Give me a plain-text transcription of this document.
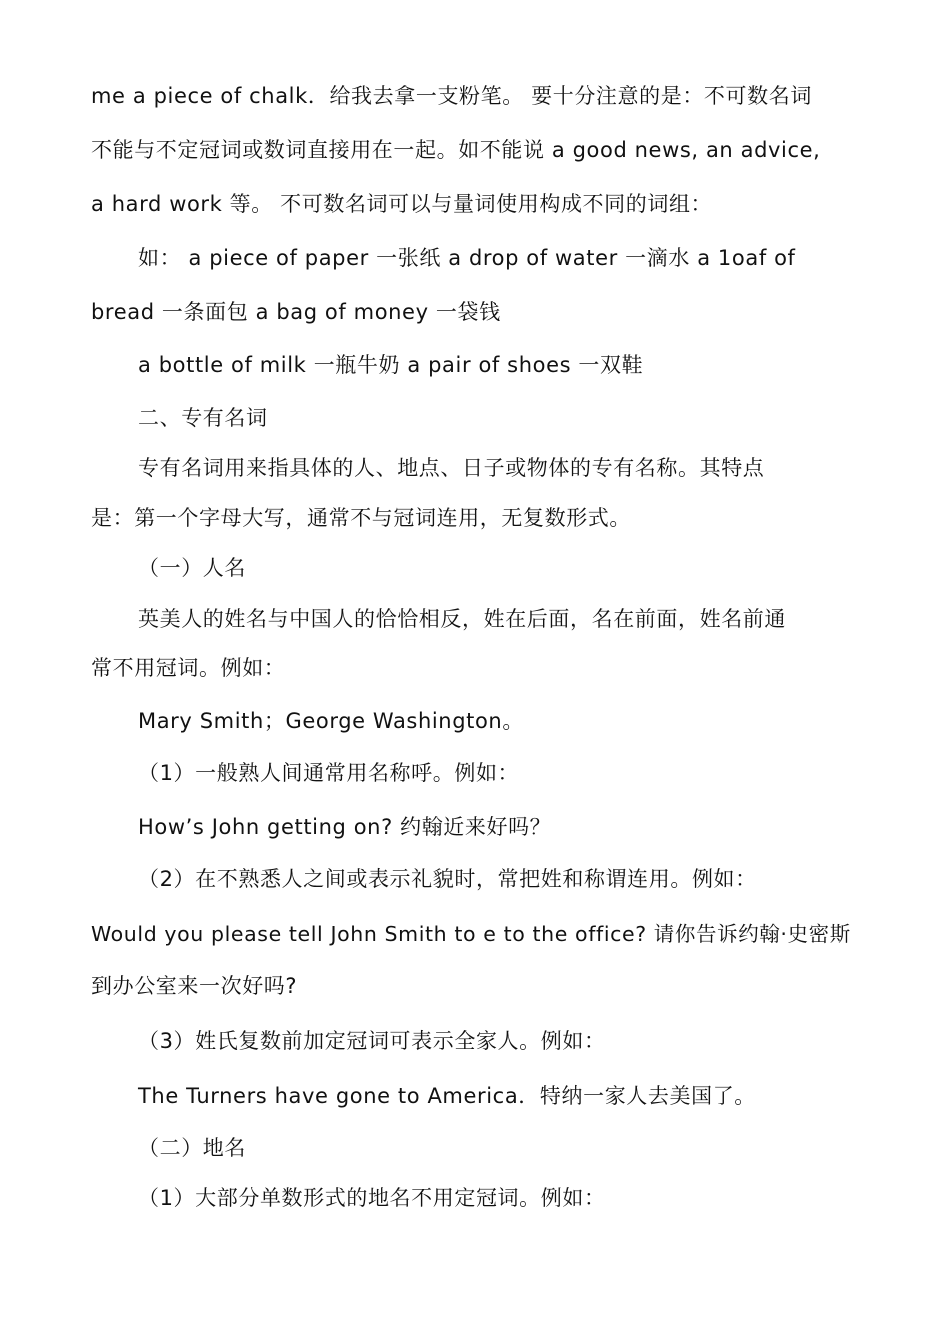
me a piece of chalk．给我去拿一支粉笔。 要十分注意的是：不可数名词
不能与不定冠词或数词直接用在一起。如不能说 a good news, an advice,
a hard work 等。 不可数名词可以与量词使用构成不同的词组：
如： a piece of paper 一张纸 a drop of water 一滴水 a 1oaf of
bread 一条面包 a bag of money 一袋钱
a bottle of milk 一瓶牛奶 a pair of shoes 一双鞋
二、专有名词
专有名词用来指具体的人、地点、日子或物体的专有名称。其特点
是：第一个字母大写，通常不与冠词连用，无复数形式。
（一）人名
英美人的姓名与中国人的恰恰相反，姓在后面，名在前面，姓名前通
常不用冠词。例如：
Mary Smith；George Washington。
（1）一般熟人间通常用名称呼。例如：
How’s John getting on? 约翰近来好吗？
（2）在不熟悉人之间或表示礼貌时，常把姓和称谓连用。例如：
Would you please tell John Smith to e to the office? 请你告诉约翰·史密斯
到办公室来一次好吗?
（3）姓氏复数前加定冠词可表示全家人。例如：
The Turners have gone to America．特纳一家人去美国了。
（二）地名
（1）大部分单数形式的地名不用定冠词。例如：
